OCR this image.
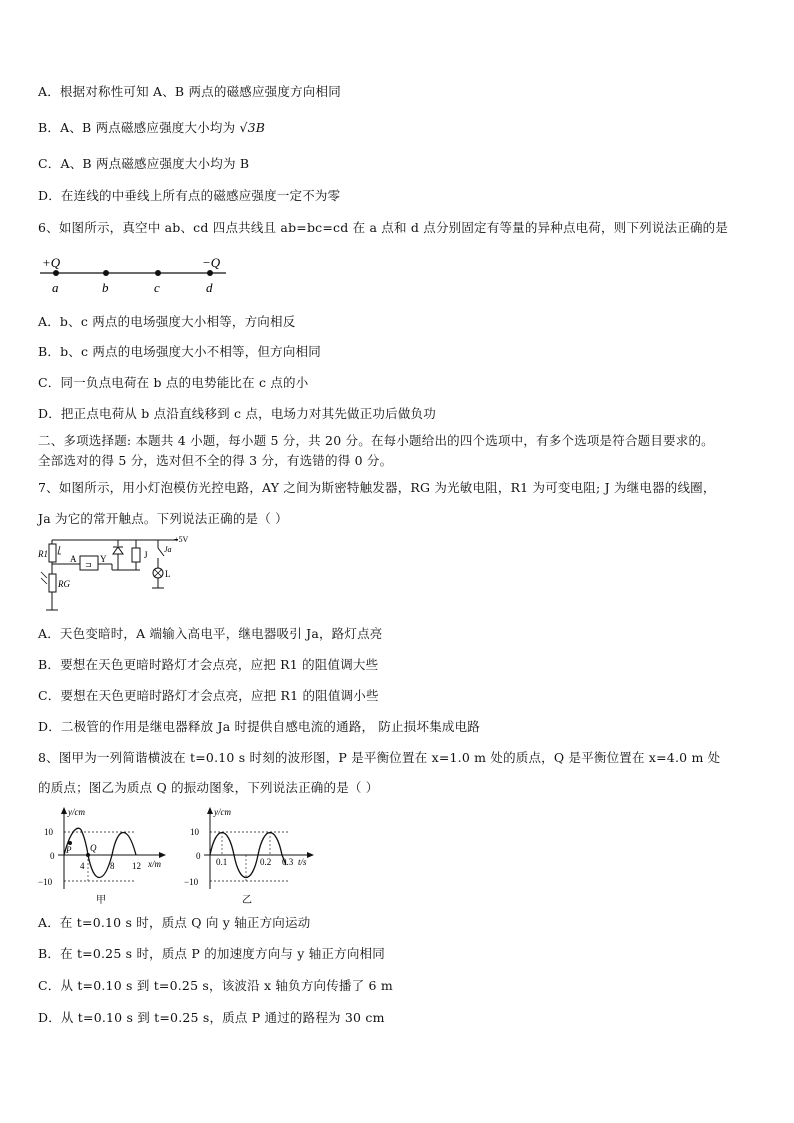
A．根据对称性可知 A、B 两点的磁感应强度方向相同
B．A、B 两点磁感应强度大小均为 √3B
C．A、B 两点磁感应强度大小均为 B
D．在连线的中垂线上所有点的磁感应强度一定不为零
6、如图所示，真空中 ab、cd 四点共线且 ab=bc=cd 在 a 点和 d 点分别固定有等量的异种点电荷，则下列说法正确的是
+Q	−Q
a	b	c	d
A．b、c 两点的电场强度大小相等，方向相反
B．b、c 两点的电场强度大小不相等，但方向相同
C．同一负点电荷在 b 点的电势能比在 c 点的小
D．把正点电荷从 b 点沿直线移到 c 点，电场力对其先做正功后做负功
二、多项选择题: 本题共 4 小题，每小题 5 分，共 20 分。在每小题给出的四个选项中，有多个选项是符合题目要求的。
全部选对的得 5 分，选对但不全的得 3 分，有选错的得 0 分。
7、如图所示，用小灯泡模仿光控电路，AY 之间为斯密特触发器，RG 为光敏电阻，R1 为可变电阻; J 为继电器的线圈，
Ja 为它的常开触点。下列说法正确的是（ ）
+5V
R1
RG
A
⊐
Y	J
Ja
L
A．天色变暗时，A 端输入高电平，继电器吸引 Ja，路灯点亮
B．要想在天色更暗时路灯才会点亮，应把 R1 的阻值调大些
C．要想在天色更暗时路灯才会点亮，应把 R1 的阻值调小些
D．二极管的作用是继电器释放 Ja 时提供自感电流的通路， 防止损坏集成电路
8、图甲为一列简谐横波在 t=0.10 s 时刻的波形图，P 是平衡位置在 x=1.0 m 处的质点，Q 是平衡位置在 x=4.0 m 处
的质点；图乙为质点 Q 的振动图象，下列说法正确的是（ ）
y/cm
x/m
10
0
−10
4	8 12
P Q
甲
y/cm
t/s
10
0
−10
0.1	0.2 0.3
乙
A．在 t=0.10 s 时，质点 Q 向 y 轴正方向运动
B．在 t=0.25 s 时，质点 P 的加速度方向与 y 轴正方向相同
C．从 t=0.10 s 到 t=0.25 s，该波沿 x 轴负方向传播了 6 m
D．从 t=0.10 s 到 t=0.25 s，质点 P 通过的路程为 30 cm
